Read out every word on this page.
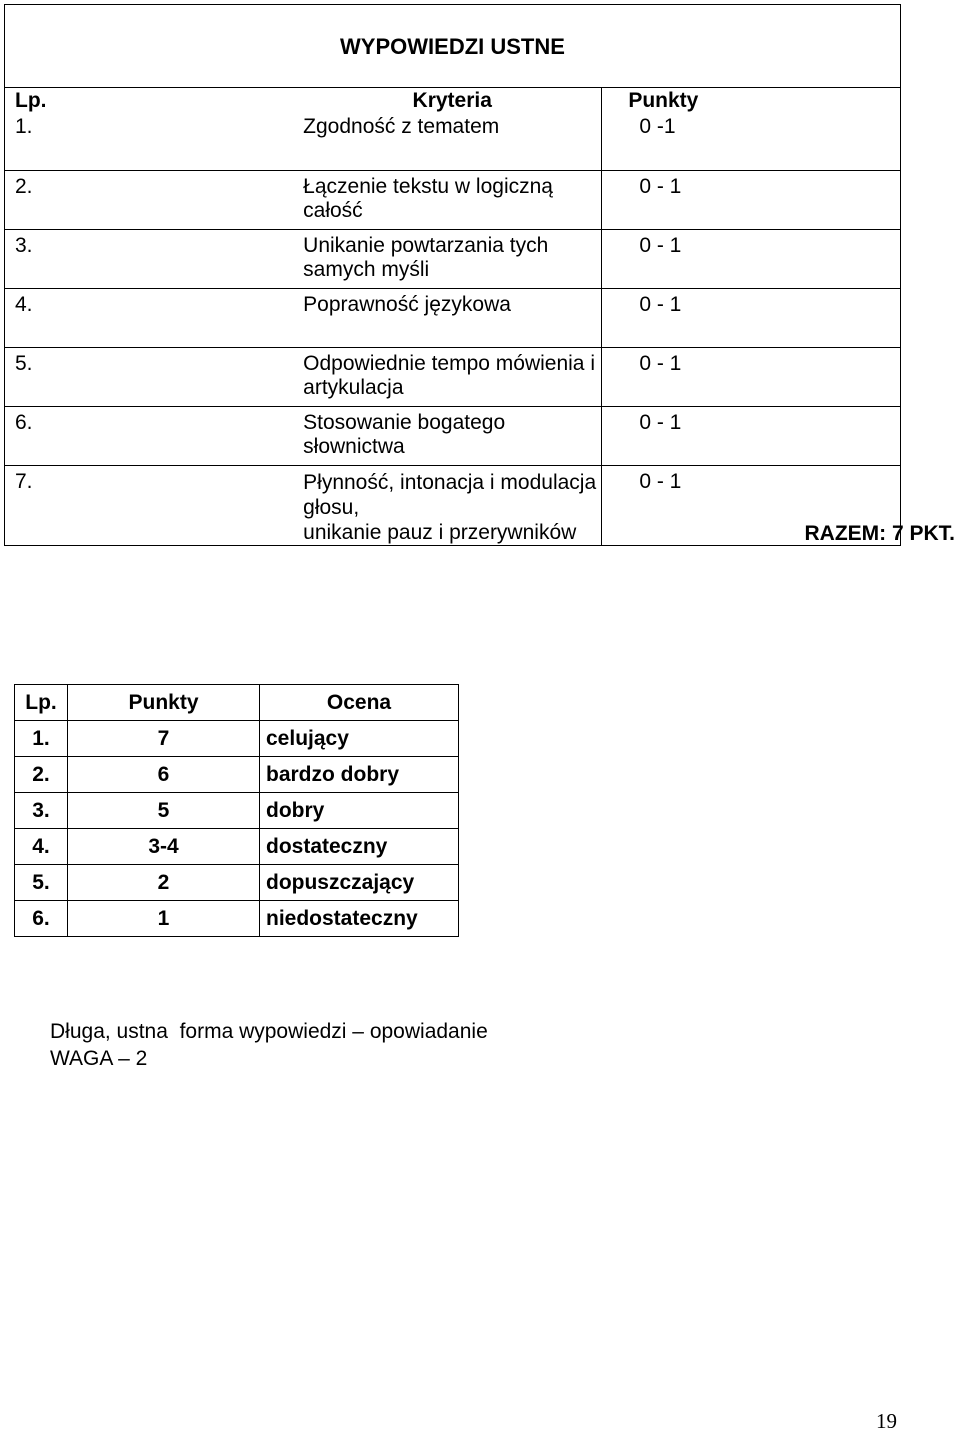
WYPOWIEDZI USTNE		
Lp.	Kryteria	Punkty
1.	Zgodność z tematem	0 -1
2.	Łączenie tekstu w logiczną całość	0 - 1
3.	Unikanie powtarzania tych samych myśli	0 - 1
4.	Poprawność językowa	0 - 1
5.	Odpowiednie tempo mówienia i artykulacja	0 - 1
6.	Stosowanie bogatego słownictwa	0 - 1
7.	Płynność, intonacja i modulacja głosu,
unikanie pauz i przerywników	0 - 1
RAZEM: 7 PKT.
Lp.	Punkty	Ocena
1.	7	celujący
2.	6	bardzo dobry
3.	5	dobry
4.	3-4	dostateczny
5.	2	dopuszczający
6.	1	niedostateczny
Długa, ustna  forma wypowiedzi – opowiadanie
WAGA – 2
19
